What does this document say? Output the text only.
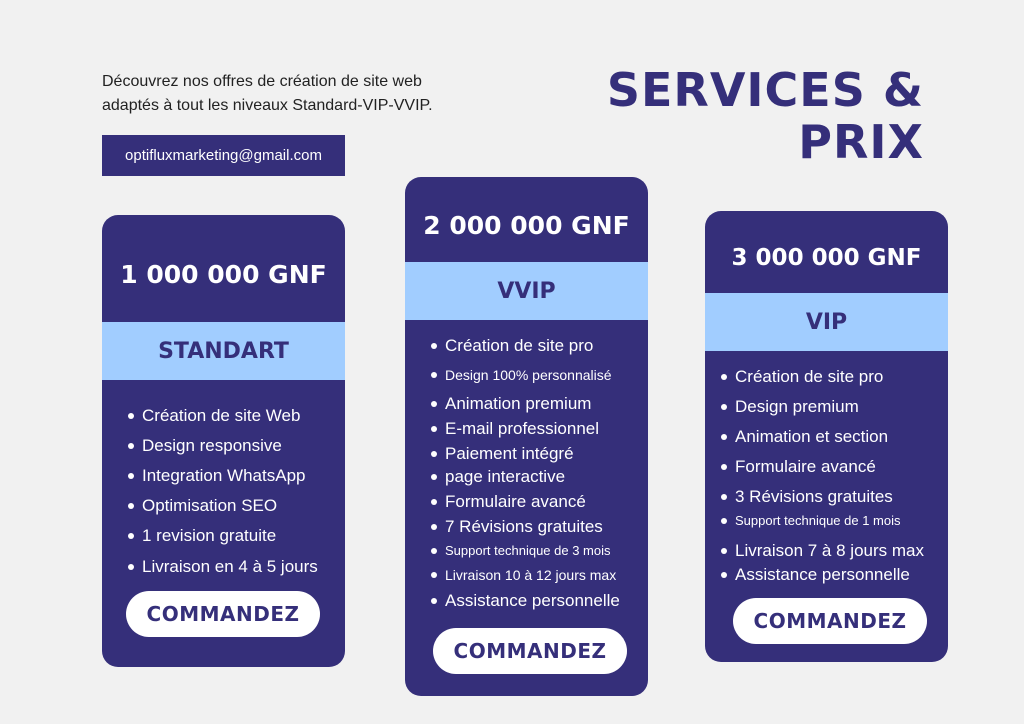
Découvrez nos offres de création de site web
adaptés à tout les niveaux Standard-VIP-VVIP.
optifluxmarketing@gmail.com
SERVICES &
PRIX
1 000 000 GNF
STANDART
Création de site Web
Design responsive
Integration WhatsApp
Optimisation SEO
1 revision gratuite
Livraison en 4 à 5 jours
COMMANDEZ
2 000 000 GNF
VVIP
Création de site pro
Design 100% personnalisé
Animation premium
E-mail professionnel
Paiement intégré
page interactive
Formulaire avancé
7 Révisions gratuites
Support technique de 3 mois
Livraison 10 à 12 jours max
Assistance personnelle
COMMANDEZ
3 000 000 GNF
VIP
Création de site pro
Design premium
Animation et section
Formulaire avancé
3 Révisions gratuites
Support technique de 1 mois
Livraison 7 à 8 jours max
Assistance personnelle
COMMANDEZ
